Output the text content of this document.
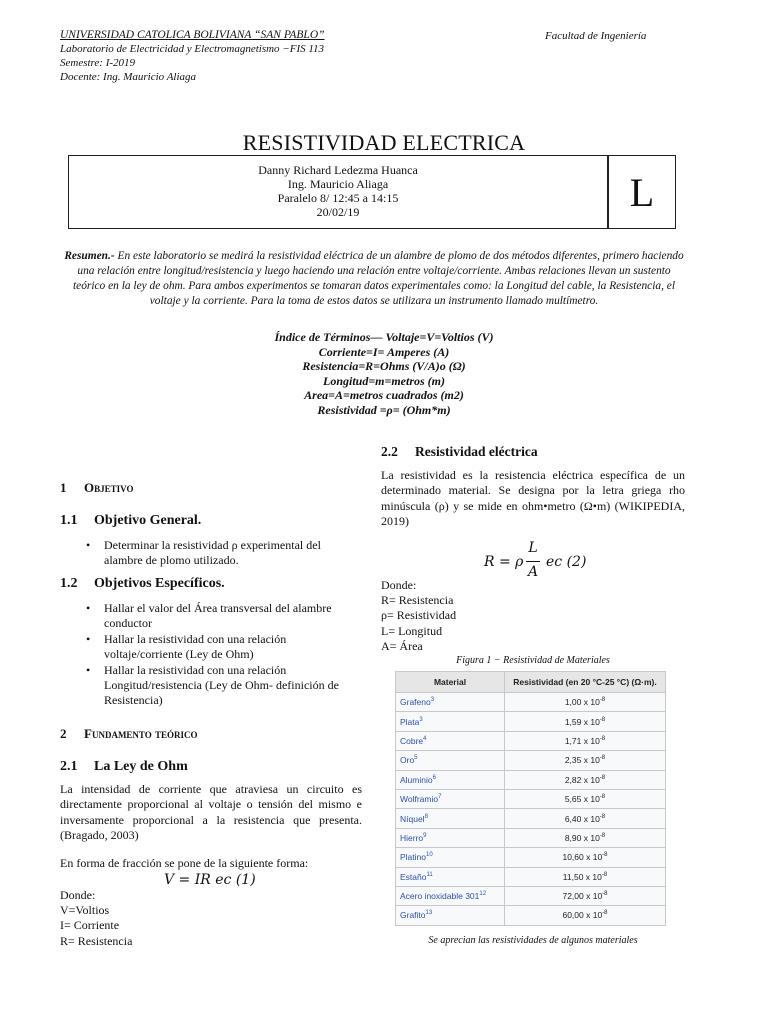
UNIVERSIDAD CATOLICA BOLIVIANA “SAN PABLO”
Laboratorio de Electricidad y Electromagnetismo −FIS 113
Semestre: I-2019
Docente: Ing. Mauricio Aliaga
Facultad de Ingeniería
RESISTIVIDAD ELECTRICA
Danny Richard Ledezma Huanca
Ing. Mauricio Aliaga
Paralelo 8/ 12:45 a 14:15
20/02/19	L
Resumen.- En este laboratorio se medirá la resistividad eléctrica de un alambre de plomo de dos métodos diferentes, primero haciendo una relación entre longitud/resistencia y luego haciendo una relación entre voltaje/corriente. Ambas relaciones llevan un sustento teórico en la ley de ohm. Para ambos experimentos se tomaran datos experimentales como: la Longitud del cable, la Resistencia, el voltaje y la corriente. Para la toma de estos datos se utilizara un instrumento llamado multímetro.
Índice de Términos— Voltaje=V=Voltios (V)
Corriente=I= Amperes (A)
Resistencia=R=Ohms (V/A)o (Ω)
Longitud=m=metros (m)
Area=A=metros cuadrados (m2)
Resistividad =ρ= (Ohm*m)
1 Objetivo
1.1 Objetivo General.
• Determinar la resistividad ρ experimental del alambre de plomo utilizado.
1.2 Objetivos Específicos.
• Hallar el valor del Área transversal del alambre conductor
• Hallar la resistividad con una relación voltaje/corriente (Ley de Ohm)
• Hallar la resistividad con una relación Longitud/resistencia (Ley de Ohm- definición de Resistencia)
2 Fundamento teórico
2.1 La Ley de Ohm
La intensidad de corriente que atraviesa un circuito es directamente proporcional al voltaje o tensión del mismo e inversamente proporcional a la resistencia que presenta. (Bragado, 2003)
En forma de fracción se pone de la siguiente forma:
V = IR ec (1)
Donde:
V=Voltios
I= Corriente
R= Resistencia
2.2 Resistividad eléctrica
La resistividad es la resistencia eléctrica específica de un determinado material. Se designa por la letra griega rho minúscula (ρ) y se mide en ohm•metro (Ω•m) (WIKIPEDIA, 2019)
R = ρ
L
A
ec (2)
Donde:
R= Resistencia
ρ= Resistividad
L= Longitud
A= Área
Figura 1 − Resistividad de Materiales
Material	Resistividad (en 20 °C-25 °C) (Ω·m).
Grafeno$^3$	1,00 x $10^{-8}$
Plata$^3$	1,59 x $10^{-8}$
Cobre$^4$	1,71 x $10^{-8}$
Oro$^5$	2,35 x $10^{-8}$
Aluminio$^6$	2,82 x $10^{-8}$
Wolframio$^7$	5,65 x $10^{-8}$
Níquel$^8$	6,40 x $10^{-8}$
Hierro$^9$	8,90 x $10^{-8}$
Platino$^{10}$	10,60 x $10^{-8}$
Estaño$^{11}$	11,50 x $10^{-8}$
Acero inoxidable $301^{12}$	72,00 x $10^{-8}$
Grafito$^{13}$	60,00 x $10^{-8}$
Se aprecian las resistividades de algunos materiales
